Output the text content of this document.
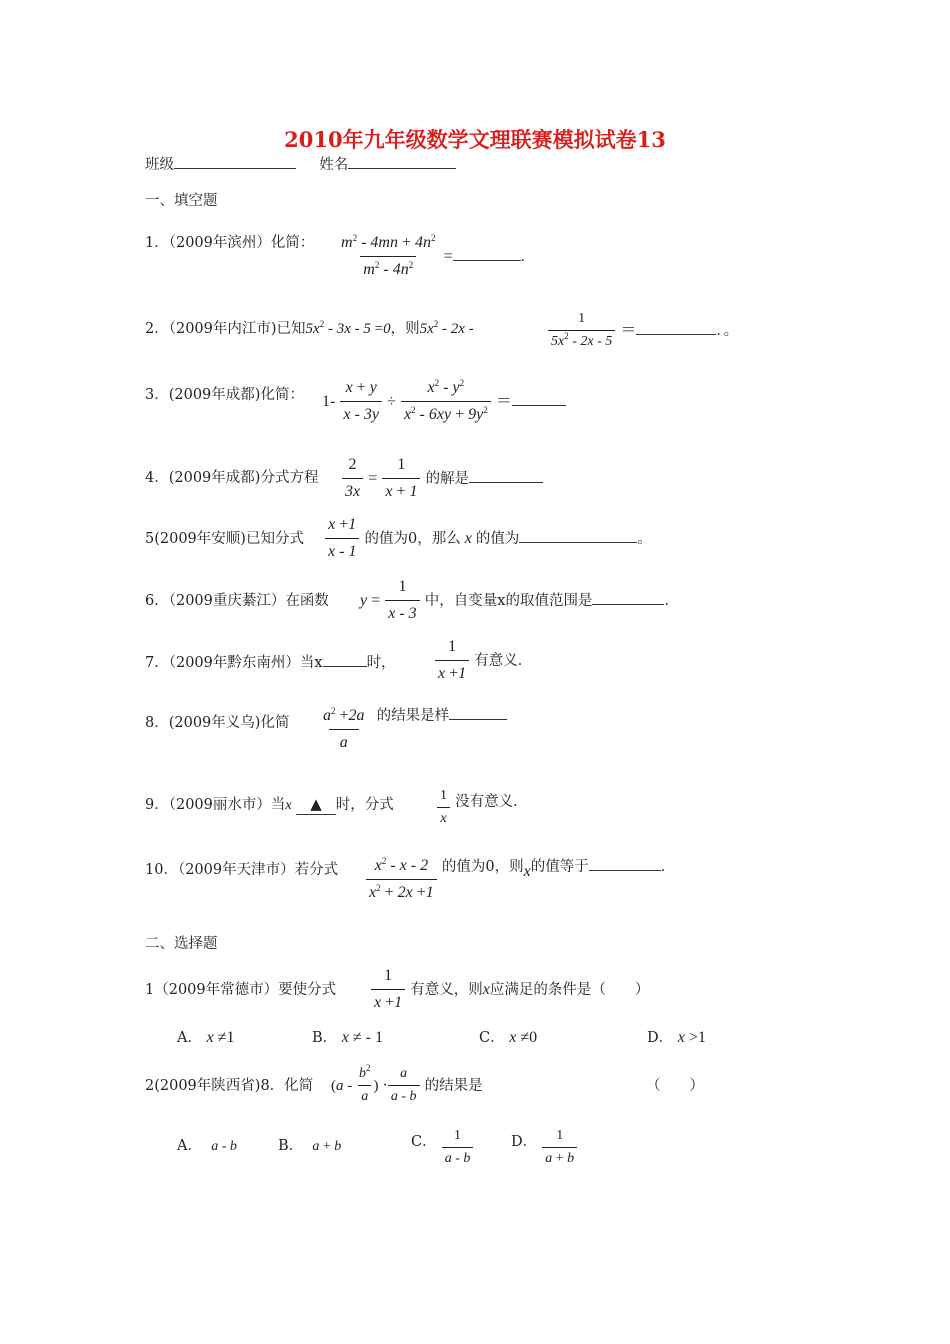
2010年九年级数学文理联赛模拟试卷13
班级	姓名
一、填空题
1．（2009年滨州）化简： $\frac{m^2 - 4mn + 4n^2}{m^2 - 4n^2}$ =	．
2．（2009年内江市)已知$5x^2 - 3x - 5 =0$，则$5x^2 - 2x$ -	$\frac{1}{5x^2 - 2x - 5}$ ＝	．。
3．(2009年成都)化简： $1- \frac{x + y}{x - 3y} \div \frac{x^2 - y^2}{x^2 - 6xy + 9y^2}$ ＝
4．(2009年成都)分式方程 $\frac{2}{3x} = \frac{1}{x + 1}$ 的解是
5(2009年安顺)已知分式 $\frac{x +1}{x - 1}$ 的值为0，那么 x 的值为	。
6．（2009重庆綦江）在函数 $y = \frac{1}{x - 3}$ 中，自变量x的取值范围是	．
7．（2009年黔东南州）当x	时， $\frac{1}{x +1}$ 有意义．
8．(2009年义乌)化简 $\frac{a^2 +2a}{a}$ 的结果是样
9．（2009丽水市）当x ▲ 时，分式	$\frac{1}{x}$ 没有意义．
10．（2009年天津市）若分式 $\frac{x^2 - x - 2}{x^2 + 2x +1}$ 的值为0，则x的值等于	．
二、选择题
1（2009年常德市）要使分式 $\frac{1}{x +1}$ 有意义，则x应满足的条件是（　　）
A． x ≠1	B． x ≠ - 1	C． x ≠0	D． x >1
2(2009年陕西省)8．化简 ($a - \frac{b^2}{a}$ ) · $\frac{a}{a - b}$ 的结果是	（　　）
A． a - b	B． a + b	C． $\frac{1}{a - b}$	D． $\frac{1}{a + b}$
